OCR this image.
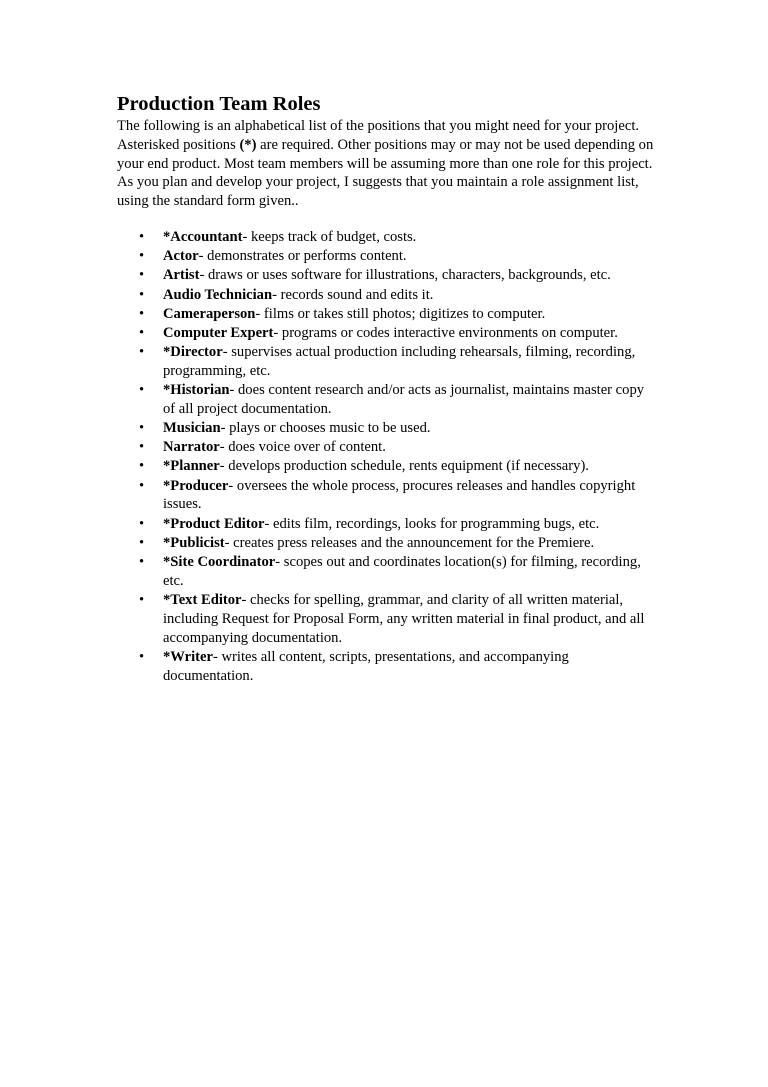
Production Team Roles

The following is an alphabetical list of the positions that you might need for your project. Asterisked positions (*) are required. Other positions may or may not be used depending on your end product. Most team members will be assuming more than one role for this project. As you plan and develop your project, I suggests that you maintain a role assignment list, using the standard form given..

• *Accountant- keeps track of budget, costs.
• Actor- demonstrates or performs content.
• Artist- draws or uses software for illustrations, characters, backgrounds, etc.
• Audio Technician- records sound and edits it.
• Cameraperson- films or takes still photos; digitizes to computer.
• Computer Expert- programs or codes interactive environments on computer.
• *Director- supervises actual production including rehearsals, filming, recording, programming, etc.
• *Historian- does content research and/or acts as journalist, maintains master copy of all project documentation.
• Musician- plays or chooses music to be used.
• Narrator- does voice over of content.
• *Planner- develops production schedule, rents equipment (if necessary).
• *Producer- oversees the whole process, procures releases and handles copyright issues.
• *Product Editor- edits film, recordings, looks for programming bugs, etc.
• *Publicist- creates press releases and the announcement for the Premiere.
• *Site Coordinator- scopes out and coordinates location(s) for filming, recording, etc.
• *Text Editor- checks for spelling, grammar, and clarity of all written material, including Request for Proposal Form, any written material in final product, and all accompanying documentation.
• *Writer- writes all content, scripts, presentations, and accompanying documentation.
